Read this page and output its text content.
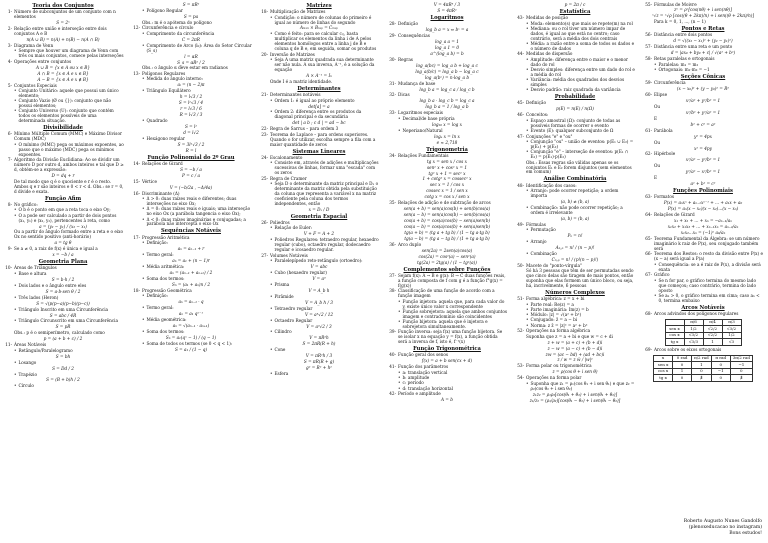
Teoria dos Conjuntos
1- Número de subconjuntos de um conjunto com n elementos
S = 2ⁿ
2- Relação entre união e interseção entre dois conjuntos A e B
n(A ∪ B) = n(A) + n(B) − n(A ∩ B)
3- Diagrama de Venn
• Sempre que houver um diagrama de Venn com três ou mais conjuntos, comece pelas interseções
4- Operações entre conjuntos
A ∪ B = {x ∈ A ou x ∈ B}
A ∩ B = {x ∈ A e x ∈ B}
A − B = {x ∈ A e x ∉ B}
5- Conjuntos Especiais
• Conjunto Unitário: aquele que possui um único elemento;
• Conjunto Vazio (Ø ou {}): conjunto que não possui elementos;
• Conjunto Universo (U): conjunto que contém todos os elementos possíveis de uma determinada situação.
Divisibilidade
6- Mínimo Múltiplo Comum (MMC) e Máximo Divisor Comum (MDC)
• O mínimo (MMC) pega os máximos expoentes, ao passo que o máximo (MDC) pega os mínimos expoentes.
7- Algoritmo da Divisão Euclidiana: Ao se dividir um número D por outro d, ambos inteiros e tal que D ≥ d, obtém-se a expressão:
D = dq + r
De tal modo que q é o quociente e r é o resto. Ambos q e r são inteiros e 0 < r < d. Obs.: se r = 0, d divide e exata.
Função Afim
8- No gráfico:
• O b é o ponto em que a reta toca o eixo Oy;
• O a pode ser calculado a partir de dois pontos (x₁, y₁) e (x₂, y₂), pertencentes à reta, como
a = (y₂ − y₁) / (x₂ − x₁)
Ou a partir do ângulo formado entre a reta e o eixo Ox no sentido positivo (anti-horário)
a = tg θ
9- Se a ≠ 0, a raiz de f(x) é única e igual a
x = −b / a
Geometria Plana
10- Áreas de Triângulos
• Base e altura
S = b·h / 2
• Dois lados e o ângulo entre eles
S = a·b·sen θ / 2
• Três lados (Heron)
S = √(p(p−a)(p−b)(p−c))
• Triângulo Inscrito em uma Circunferência
S = abc / 4R
• Triângulo Circunscrito em uma Circunferência
S = pR
Obs.: p é o semiperímetro, calculado como
p = (a + b + c) / 2
11- Áreas Notáveis
• Retângulo/Paralelogramo
S = bh
• Losango
S = Dd / 2
• Trapézio
S = (B + b)h / 2
• Círculo
S = πR²
• Polígono Regular
S = pa
Obs.: m é o apótema do polígono
12- Circunferência e círculo
• Comprimento da circunferência
C = 2πR
• Comprimento de Arco (l₀): Área do Setor Circular (S_s)
l = αR
S_s = αR² / 2
Obs.: o ângulo α deve estar em radianos
13- Polígonos Regulares
• Medida do ângulo interno:
aᵢ = (n − 2)π
• Triângulo Equilátero
h = l√3 / 2
S = l²√3 / 4
r = l√3 / 6
R = l√3 / 3
• Quadrado
S = l²
d = l√2
• Hexágono regular
S = 3l²√3 / 2
R = l
Função Polinomial do 2º Grau
14- Relações de Girard
S = −b / a
P = c / a
15- Vértice
V = (−b/2a , −Δ/4a)
16- Discriminante (Δ)
• Δ > 0: duas raízes reais e diferentes; duas interseções no eixo Ox;
• Δ = 0: duas raízes reais e iguais; uma interseção no eixo Ox (a parábola tangencia o eixo Ox);
• Δ < 0: duas raízes imaginárias e conjugadas; a parábola não intercepta o eixo Ox
Sequências Notáveis
17- Progressão Aritmética
• Definição:
aₙ = aₙ₋₁ + r
• Termo geral:
aₙ = a₁ + (n − 1)r
• Média aritmética:
aₙ = (aₙ₋₁ + aₙ₊₁) / 2
• Soma dos termos:
Sₙ = (a₁ + aₙ)n / 2
18- Progressão Geométrica
• Definição:
aₙ = aₙ₋₁ · q
• Termo geral:
aₙ = a₁ qⁿ⁻¹
• Média geométrica:
aₙ = √(aₙ₋₁ · aₙ₊₁)
• Soma dos termos:
Sₙ = a₁(qⁿ − 1) / (q − 1)
• Soma de todos os termos (se 0 < q < 1):
S = a₁ / (1 − q)
Matrizes
18- Multiplicação de Matrizes
• Condição: o número de colunas do primeiro é igual ao número de linhas do segundo
Aₘₓₙ × Bₙₓₚ = Cₘₓₚ
• Como é feito: para se calcular cᵢⱼ, basta multiplicar os elementos da linha i de A pelos elementos homólogos entre a linha j de B e coluna q de B e, em seguida, somar os produtos
20- Inversão de Matrizes
• Seja A uma matriz quadrada sua determinante ser não nula. A sua inversa, A⁻¹, é a solução da equação
A × A⁻¹ = Iₙ
Onde I é a matriz identidade.
Determinantes
21- Determinantes notáveis
• Ordem 1: é igual ao próprio elemento
det[a] = a
• Ordem 2: diferença entre os produtos da diagonal principal e da secundária
det | a b ; c d | = ad − bc
22- Regra de Sarrus – para ordem 3
23- Teorema de Laplace – para ordens superiores. Quando o for utilizar, escolha sempre a fila com a maior quantidade de zeros
Sistemas Lineares
24- Escalonamento
• Consiste em, através de adições e multiplicações sucessivas de linhas, formar uma "escada" com os zeros
25- Regra de Cramer
• Seja D o determinante da matriz principal e Dₓ o determinante da matriz obtida pela substituição da coluna que representa a variável x na matriz coeficiente pela coluna dos termos independentes, então
x = Dₓ / D
Geometria Espacial
26- Poliedros
• Relação de Euler:
V + F = A + 2
• Poliedros Regulares: tetraedro regular, hexaedro regular (cubo), octaedro regular, dodecaedro regular e icosaedro regular.
27- Volumes Notáveis
• Paralelepípedo reto-retângulo (ortoedro):
V = abc
• Cubo (hexaedro regular)
V = a³
• Prisma
V = A_b h
• Pirâmide
V = A_b h / 3
• Tetraedro regular
V = a³√2 / 12
• Octaedro Regular
V = a³√2 / 3
• Cilindro
V = πR²h
S = 2πR(R + h)
• Cone
V = πR²h / 3
S = πR(R + g)
g² = R² + h²
• Esfera
V = 4πR³ / 3
S = 4πR²
Logaritmos
28- Definição
log_b a = x ⇔ bˣ = a
29- Consequências
log_a a = 1
log_a 1 = 0
a^(log_a b) = b
30- Regras
log_a(bc) = log_a b + log_a c
log_a(b/c) = log_a b − log_a c
log_a(bⁿ) = n·log_a b
31- Mudança de base
log_b a = log_c a / log_c b
32- Dicas
log_b a · log_c b = log_c a
log_b a = 1 / log_a b
33- Logaritmos especiais
• Decimal/de base própria
log₁₀ x = log x
• Neperiano/Natural
logₑ x = ln x
e ≈ 2,718
Trigonometria
34- Relações Fundamentais
tg x = sen x / cos x
sen² x + cos² x = 1
tg² x + 1 = sec² x
1 + cotg² x = cossec² x
sec x = 1 / cos x
cossec x = 1 / sen x
cotg x = cos x / sen x
35- Relações de adição e de subtração de arcos
sen(a + b) = sen(a)cos(b) + sen(b)cos(a)
sen(a − b) = sen(a)cos(b) − sen(b)cos(a)
cos(a + b) = cos(a)cos(b) − sen(a)sen(b)
cos(a − b) = cos(a)cos(b) + sen(a)sen(b)
tg(a + b) = (tg a + tg b) / (1 − tg a·tg b)
tg(a − b) = (tg a − tg b) / (1 + tg a·tg b)
36- Arco duplo
sen(2a) = 2sen(a)cos(a)
cos(2a) = cos²(a) − sen²(a)
tg(2a) = 2tg(a) / (1 − tg²(a))
Complementos sobre Funções
37- Sejam f(x): A → B e g(x): B → C duas funções reais, a função composta de f com g é a função f°g(x) = f(g(x))
38- Classificação de uma função de acordo com a função imagem
• Função injetora: aquela que, para cada valor do y, existe único valor x correspondente
• Função sobrejetora: aquela que ambos conjuntos imagem e contradomínio são coincidentes
• Função bijetora: aquela que é injetora e sobrejetora simultaneamente.
39- Função inversa: seja f(x) uma função bijetora. Se se isolar x na equação y = f(x), a função obtida será a inversa de f, isto é, f⁻¹(x)
Função Trigonométrica
40- Função geral dos senos
f(x) = a + b sen(cx + d)
41- Função dos parâmetros
• a: translação vertical
• b: amplitude
• c: período
• d: translação horizontal
42- Período e amplitude
A = b
p = 2π / c
Estatística
43- Medidas de posição
• Moda: elemento(s) que mais se repete(m) na rol
• Mediana: ou o rol tiver um número impar de dados, é igual ao que está no centro; caso contrário, será a média dos dois centrais
• Média: a razão entre a soma de todos os dados e o número de dados
44- Medidas de dispersão
• Amplitude: diferença entre o maior e o menor dado do rol
• Desvio simples: diferença entre um dado do rol e a média do rol
• Variância: média dos quadrados dos desvios simples
• Desvio padrão: raiz quadrada da variância
Probabilidade
45- Definição
p(E) = n(E) / n(Ω)
46- Conceitos:
• Espaço amostral (Ω): conjunto de todas as possíveis formas de ocorrer o evento
• Evento (E): qualquer subconjunto de Ω
47- Conjunções "e" e "ou"
• Conjunção "ou" – união de eventos: p(E₁ ∪ E₂) = p(E₁) + p(E₂)
• Conjunção "e" – interseção de eventos: p(E₁ ∩ E₂) = p(E₁)·p(E₂)
Obs.: Essas regras são válidas apenas se os conjuntos E₁ e E₂ forem disjuntos (sem elementos em comum)
Análise Combinatória
48- Identificação dos casos:
• Arranjo: pode ocorrer repetição; a ordem importa
(a, b) ≠ (b, a)
• Combinação: não pode ocorrer repetição; a ordem é irrelevante
(a, b) = (b, a)
49- Fórmulas
• Permutação
Pₙ = n!
• Arranjo
Aₙ,ₚ = n! / (n − p)!
• Combinação
Cₙ,ₚ = n! / (p!(n − p)!)
50- Macete do "ponto-vírgula"
Só há 3 pessoas que têm de ser permutadas sendo que cinco delas são tiragem de mais pontos, então suponha que elas formem um único bloco, ou seja, há, incrivelmente, 6 pessoas
Números Complexos
51- Forma algébrica: z = x + bi
• Parte real: Re(z) = a
• Parte imaginária: Im(z) = b
• Módulo: |z| = √(a² + b²)
• Conjugado: z̄ = a − bi
• Norma: z z̄ = |z|² = a² + b²
52- Operações na forma algébrica
Suponha que z = a + bi e que w = c + di
z + w = (a + c) + (b + d)i
z − w = (a − c) + (b − d)i
zw = (ac − bd) + (ad + bc)i
z / w = z w̄ / |w|²
53- Forma polar ou trigonométrica
z = ρ(cos θ + i sen θ)
54- Operações na forma polar
• Suponha que z₁ = ρ₁(cos θ₁ + i sen θ₁) e que z₂ = ρ₂(cos θ₂ + i sen θ₂)
z₁z₂ = ρ₁ρ₂[cos(θ₁ + θ₂) + i sen(θ₁ + θ₂)]
z₁/z₂ = (ρ₁/ρ₂)[cos(θ₁ − θ₂) + i sen(θ₁ − θ₂)]
55- Fórmulas de Moivre
zⁿ = ρⁿ[cos(nθ) + i sen(nθ)]
ⁿ√z = ⁿ√ρ [cos((θ + 2kπ)/n) + i sen((θ + 2kπ)/n)]
Para k = 0, 1, ..., (n − 1)
Pontos e Retas
56- Distância entre dois pontos
d = √((x₂ − x₁)² + (y₂ − y₁)²)
57- Distância entre uma reta e um ponto
d = |ax₀ + by₀ + c| / √(a² + b²)
58- Retas paralelas e ortogonais
• Paralelas: m₁ = m₂
• Ortogonais: m₁·m₂ = −1
Seções Cônicas
59- Circunferência
(x − x₀)² + (y − y₀)² = R²
60- Elipse
x²/a² + y²/b² = 1
Ou
x²/b² + y²/a² = 1
E
b² + c² = a²
61- Parábola
y² = 4px
Ou
x² = 4py
62- Hipérbole
x²/a² − y²/b² = 1
Ou
y²/a² − x²/b² = 1
E
a² + b² = c²
Funções Polinomiais
63- Formatos
P(x) = aₙxⁿ + aₙ₋₁xⁿ⁻¹ + ... + a₁x + a₀
P(x) = aₙ(x − x₁)(x − x₂)...(x − xₙ)
64- Relações de Girard
x₁ + x₂ + ... + xₙ = −aₙ₋₁/aₙ
x₁x₂ + x₁x₃ + ... + xₙ₋₁xₙ = aₙ₋₂/aₙ
x₁x₂...xₙ = (−1)ⁿ a₀/aₙ
65- Teorema Fundamental da Álgebra: se um número imaginário k raiz de P(x), seu conjugado também será
66- Teorema dos Restos: o resto da divisão entre P(x) e (x − a) será igual a P(a)
• Consequência: se a é raiz de P(x), a divisão será exata
67- Gráfico
• Se n for par, o gráfico termina do mesmo lado que começou; caso contrário, termina do lado oposto
• Se aₙ > 0, o gráfico termina em cima; caso aₙ < 0, termina embaixo
Arcos Notáveis
68- Arcos advindos dos polígonos regulares
	π/6	π/4	π/3
sen x	1/2	√2/2	√3/2
cos x	√3/2	√2/2	1/2
tg x	√3/3	1	√3
69- Arcos sobre os eixos ortogonais
x	0 rad	π/2 rad	π rad	3π/2 rad
sen x	0	1	0	−1
cos x	1	0	−1	0
tg x	0	∄	0	∄
Roberto Augusto Nunes Gandolfo
(plenoxeducacao no instagram)
Bons estudos!
